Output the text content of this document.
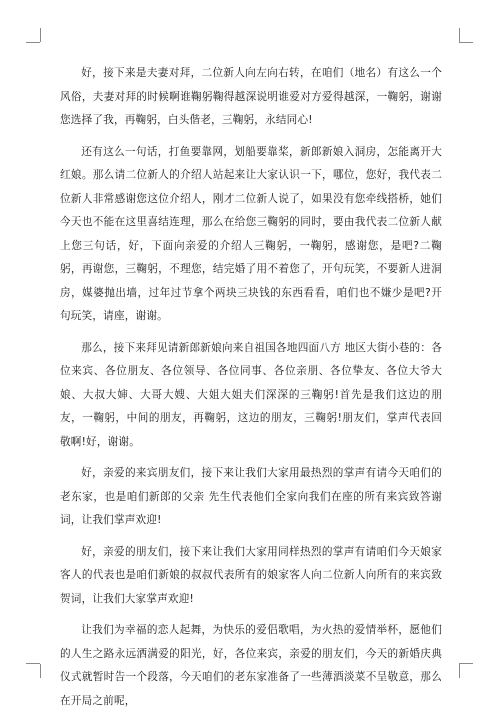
好，接下来是夫妻对拜，二位新人向左向右转，在咱们（地名）有这么一个风俗，夫妻对拜的时候啊谁鞠躬鞠得越深说明谁爱对方爱得越深，一鞠躬，谢谢您选择了我，再鞠躬，白头偕老，三鞠躬，永结同心!

还有这么一句话，打鱼要靠网，划船要靠桨，新郎新娘入洞房，怎能离开大红娘。那么请二位新人的介绍人站起来让大家认识一下，哪位，您好，我代表二位新人非常感谢您这位介绍人，刚才二位新人说了，如果没有您牵线搭桥，她们今天也不能在这里喜结连理，那么在给您三鞠躬的同时，要由我代表二位新人献上您三句话，好，下面向亲爱的介绍人三鞠躬，一鞠躬，感谢您，是吧?二鞠躬，再谢您，三鞠躬，不理您，结完婚了用不着您了，开句玩笑，不要新人进洞房，媒婆抛出墙，过年过节拿个两块三块钱的东西看看，咱们也不嫌少是吧?开句玩笑，请座，谢谢。

那么，接下来拜见请新郎新娘向来自祖国各地四面八方 地区大街小巷的：各位来宾、各位朋友、各位领导、各位同事、各位亲朋、各位挚友、各位大爷大娘、大叔大婶、大哥大嫂、大姐大姐夫们深深的三鞠躬!首先是我们这边的朋友，一鞠躬，中间的朋友，再鞠躬，这边的朋友，三鞠躬!朋友们，掌声代表回敬啊!好，谢谢。

好，亲爱的来宾朋友们，接下来让我们大家用最热烈的掌声有请今天咱们的老东家，也是咱们新郎的父亲 先生代表他们全家向我们在座的所有来宾致答谢词，让我们掌声欢迎!

好，亲爱的朋友们，接下来让我们大家用同样热烈的掌声有请咱们今天娘家客人的代表也是咱们新娘的叔叔代表所有的娘家客人向二位新人向所有的来宾致贺词，让我们大家掌声欢迎!

让我们为幸福的恋人起舞，为快乐的爱侣歌唱，为火热的爱情举杯，愿他们的人生之路永远洒满爱的阳光，好，各位来宾，亲爱的朋友们，今天的新婚庆典仪式就暂时告一个段落，今天咱们的老东家准备了一些薄酒淡菜不呈敬意，那么在开局之前呢，
